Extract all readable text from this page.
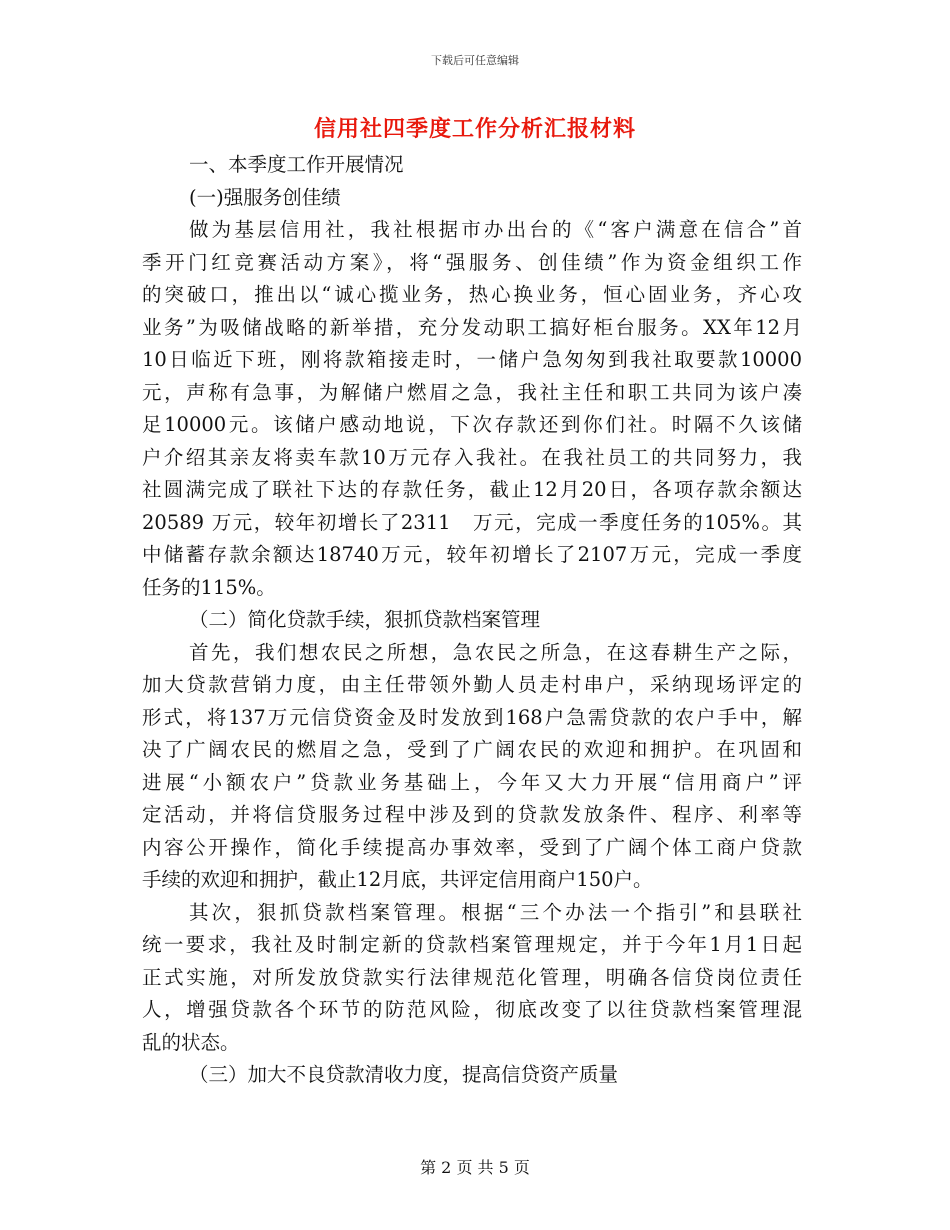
下载后可任意编辑
信用社四季度工作分析汇报材料
一、本季度工作开展情况
(一)强服务创佳绩
做为基层信用社，我社根据市办出台的《“客户满意在信合”首
季开门红竞赛活动方案》，将“强服务、创佳绩”作为资金组织工作
的突破口，推出以“诚心揽业务，热心换业务，恒心固业务，齐心攻
业务”为吸储战略的新举措，充分发动职工搞好柜台服务。XX年12月
10日临近下班，刚将款箱接走时，一储户急匆匆到我社取要款10000
元，声称有急事，为解储户燃眉之急，我社主任和职工共同为该户凑
足10000元。该储户感动地说，下次存款还到你们社。时隔不久该储
户介绍其亲友将卖车款10万元存入我社。在我社员工的共同努力，我
社圆满完成了联社下达的存款任务，截止12月20日，各项存款余额达
20589 万元，较年初增长了2311　万元，完成一季度任务的105%。其
中储蓄存款余额达18740万元，较年初增长了2107万元，完成一季度
任务的115%。
（二）简化贷款手续，狠抓贷款档案管理
首先，我们想农民之所想，急农民之所急，在这春耕生产之际，
加大贷款营销力度，由主任带领外勤人员走村串户，采纳现场评定的
形式，将137万元信贷资金及时发放到168户急需贷款的农户手中，解
决了广阔农民的燃眉之急，受到了广阔农民的欢迎和拥护。在巩固和
进展“小额农户”贷款业务基础上，今年又大力开展“信用商户”评
定活动，并将信贷服务过程中涉及到的贷款发放条件、程序、利率等
内容公开操作，简化手续提高办事效率，受到了广阔个体工商户贷款
手续的欢迎和拥护，截止12月底，共评定信用商户150户。
其次，狠抓贷款档案管理。根据“三个办法一个指引”和县联社
统一要求，我社及时制定新的贷款档案管理规定，并于今年1月1日起
正式实施，对所发放贷款实行法律规范化管理，明确各信贷岗位责任
人，增强贷款各个环节的防范风险，彻底改变了以往贷款档案管理混
乱的状态。
（三）加大不良贷款清收力度，提高信贷资产质量
第 2 页 共 5 页
